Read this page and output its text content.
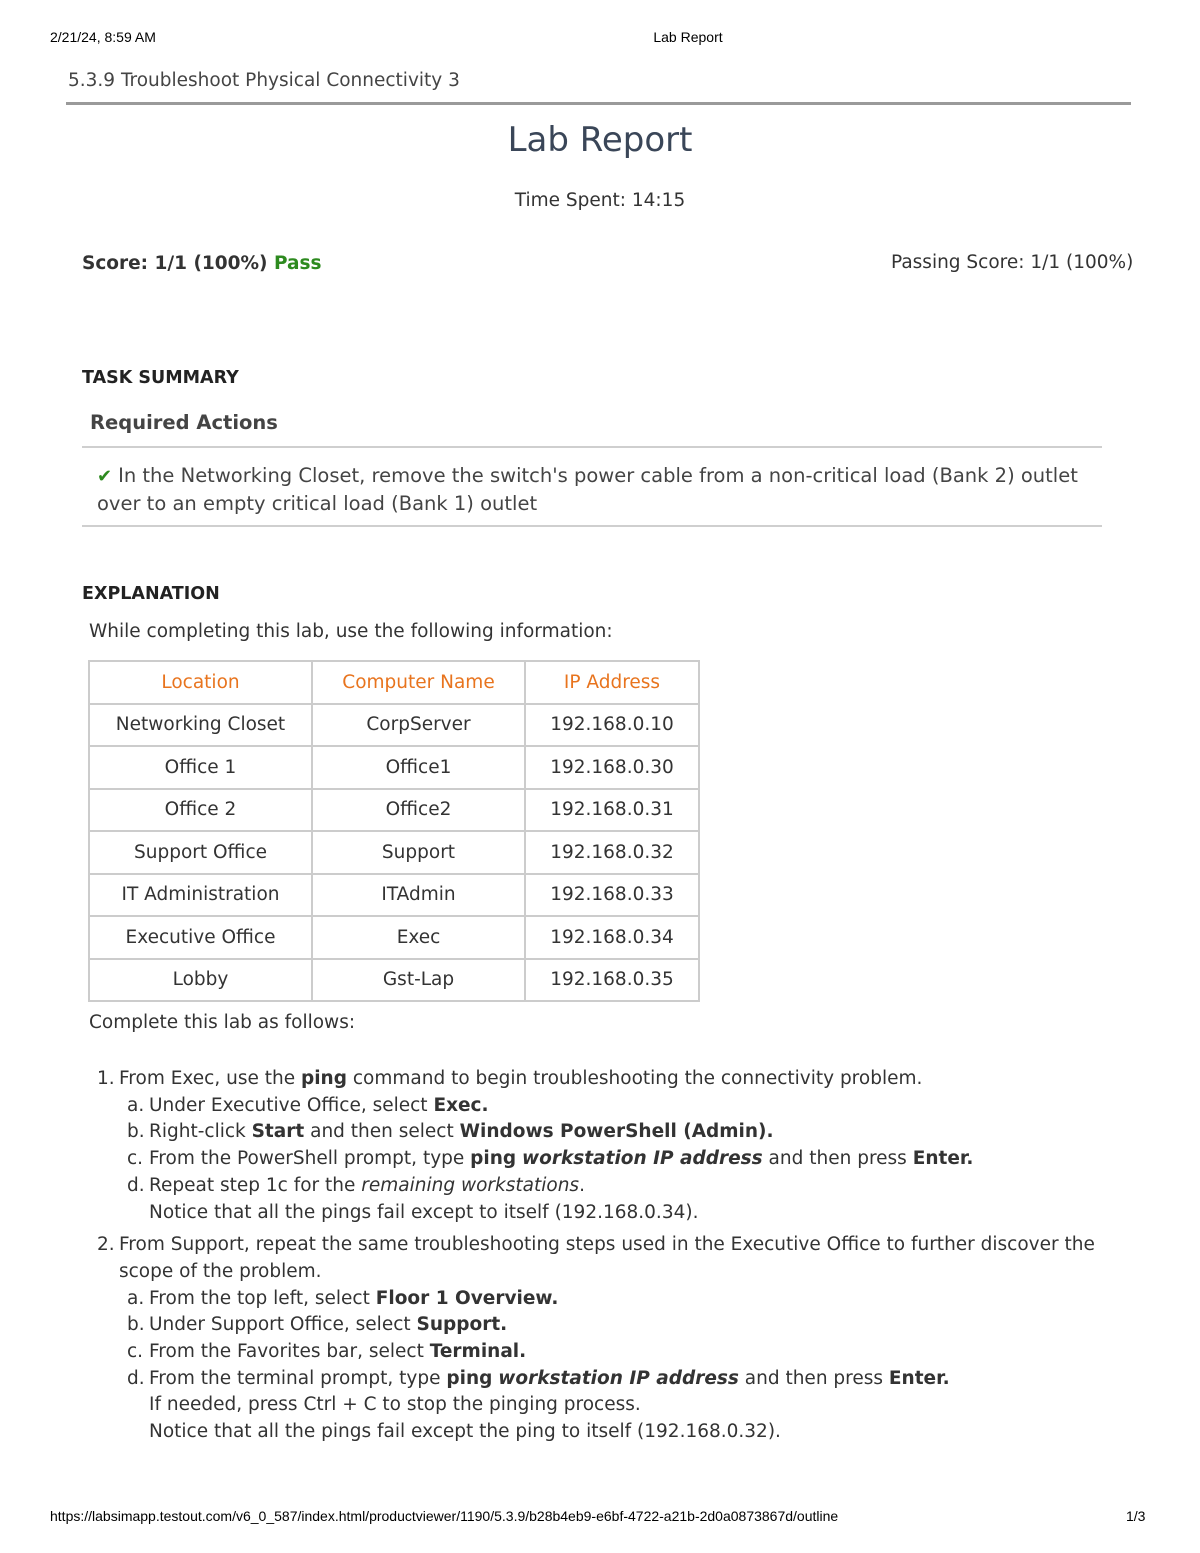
2/21/24, 8:59 AM	Lab Report
5.3.9 Troubleshoot Physical Connectivity 3
Lab Report
Time Spent: 14:15
Score: 1/1 (100%) Pass	Passing Score: 1/1 (100%)
TASK SUMMARY
Required Actions
✔ In the Networking Closet, remove the switch's power cable from a non-critical load (Bank 2) outlet over to an empty critical load (Bank 1) outlet
EXPLANATION
While completing this lab, use the following information:
Location	Computer Name	IP Address
Networking Closet	CorpServer	192.168.0.10
Office 1	Office1	192.168.0.30
Office 2	Office2	192.168.0.31
Support Office	Support	192.168.0.32
IT Administration	ITAdmin	192.168.0.33
Executive Office	Exec	192.168.0.34
Lobby	Gst-Lap	192.168.0.35
Complete this lab as follows:
1. From Exec, use the ping command to begin troubleshooting the connectivity problem.
a. Under Executive Office, select Exec.
b. Right-click Start and then select Windows PowerShell (Admin).
c. From the PowerShell prompt, type ping workstation IP address and then press Enter.
d. Repeat step 1c for the remaining workstations.
Notice that all the pings fail except to itself (192.168.0.34).
2. From Support, repeat the same troubleshooting steps used in the Executive Office to further discover the scope of the problem.
a. From the top left, select Floor 1 Overview.
b. Under Support Office, select Support.
c. From the Favorites bar, select Terminal.
d. From the terminal prompt, type ping workstation IP address and then press Enter.
If needed, press Ctrl + C to stop the pinging process.
Notice that all the pings fail except the ping to itself (192.168.0.32).
https://labsimapp.testout.com/v6_0_587/index.html/productviewer/1190/5.3.9/b28b4eb9-e6bf-4722-a21b-2d0a0873867d/outline	1/3
